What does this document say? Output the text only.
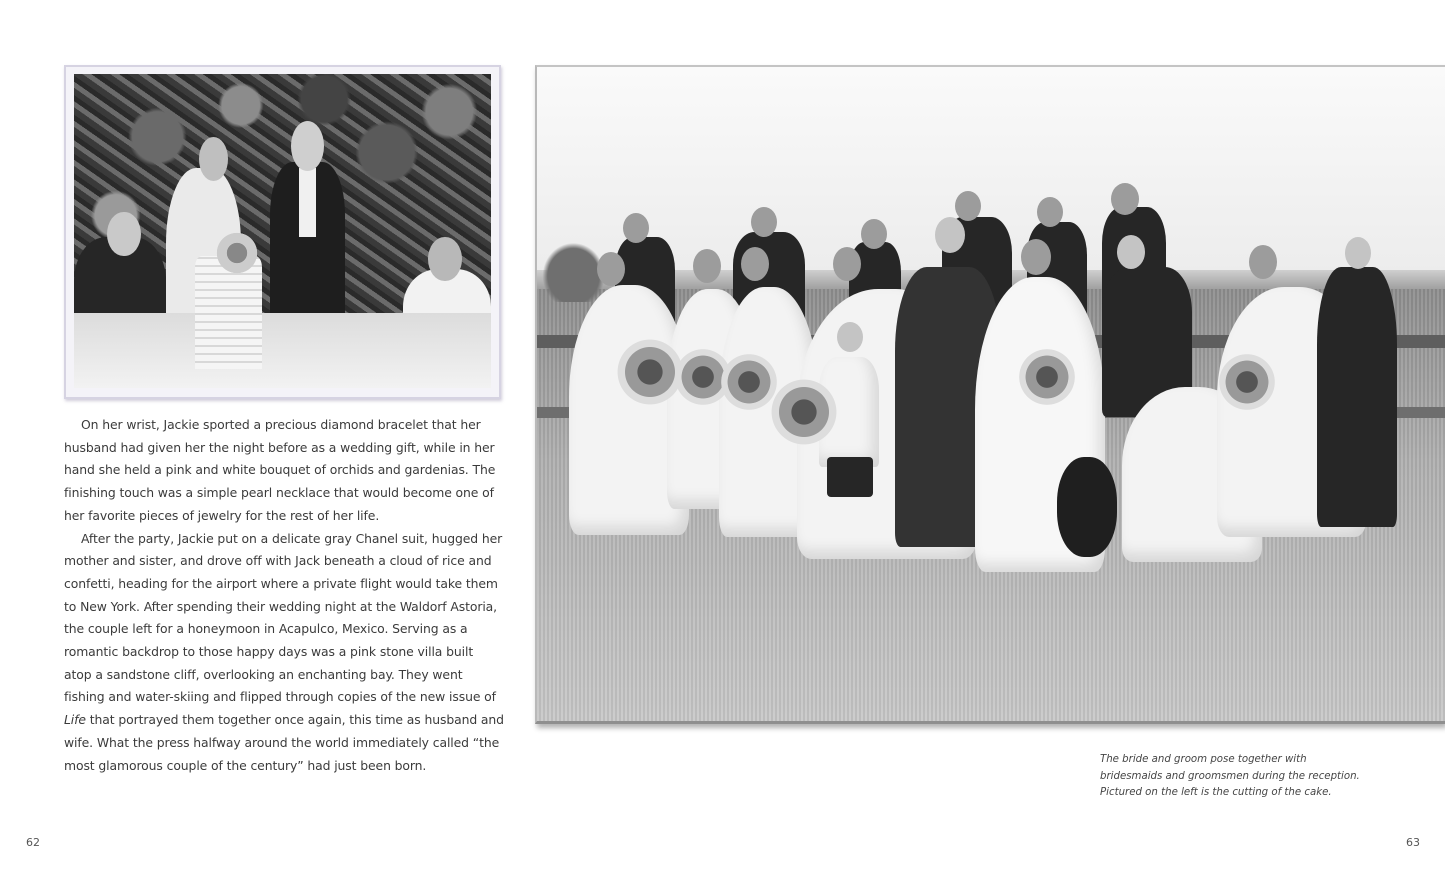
On her wrist, Jackie sported a precious diamond bracelet that her husband had given her the night before as a wedding gift, while in her hand she held a pink and white bouquet of orchids and gardenias. The finishing touch was a simple pearl necklace that would become one of her favorite pieces of jewelry for the rest of her life.

After the party, Jackie put on a delicate gray Chanel suit, hugged her mother and sister, and drove off with Jack beneath a cloud of rice and confetti, heading for the airport where a private flight would take them to New York. After spending their wedding night at the Waldorf Astoria, the couple left for a honeymoon in Acapulco, Mexico. Serving as a romantic backdrop to those happy days was a pink stone villa built atop a sandstone cliff, overlooking an enchanting bay. They went fishing and water-skiing and flipped through copies of the new issue of Life that portrayed them together once again, this time as husband and wife. What the press halfway around the world immediately called “the most glamorous couple of the century” had just been born.

62
The bride and groom pose together with bridesmaids and groomsmen during the reception. Pictured on the left is the cutting of the cake.
63
